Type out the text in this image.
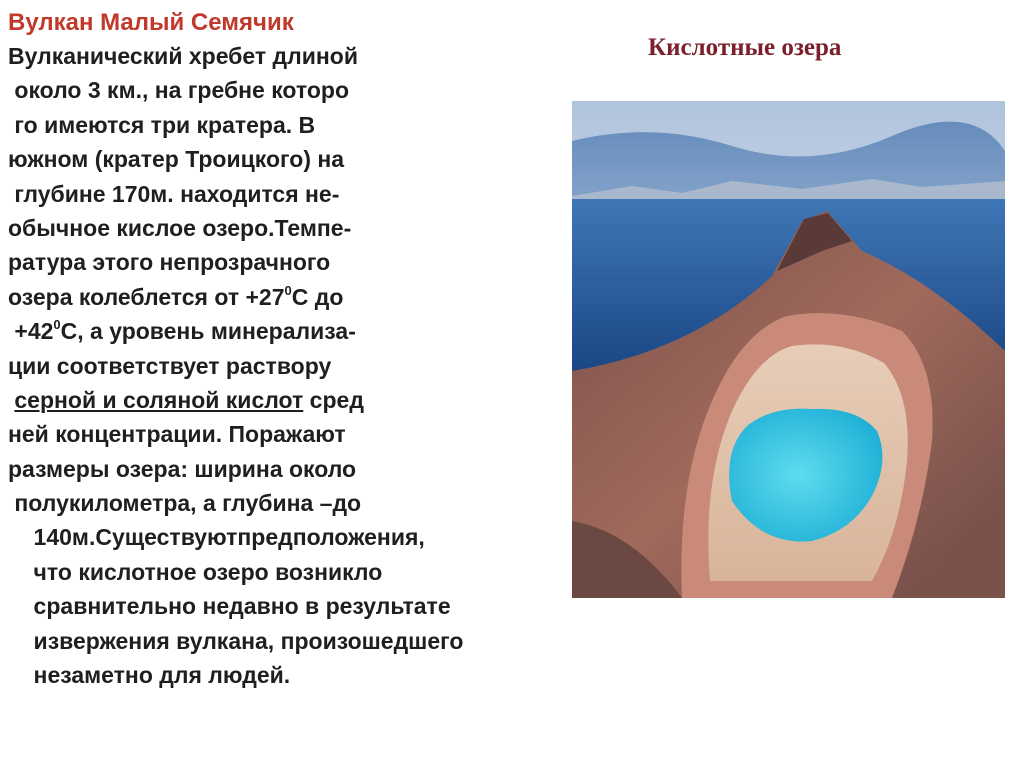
Вулкан Малый Семячик
Кислотные озера
Вулканический хребет длиной
около 3 км., на гребне которо
го имеются три кратера. В
южном (кратер Троицкого) на
глубине 170м. находится не-
обычное кислое озеро.Темпе-
ратура этого непрозрачного
озера колеблется от $+27^0С$ до
$+42^0С$, а уровень минерализа-
ции соответствует раствору
серной и соляной кислот сред
ней концентрации. Поражают
размеры озера: ширина около
полукилометра, а глубина –до
140м.Существуютпредположения,
что кислотное озеро возникло
сравнительно недавно в результате
извержения вулкана, произошедшего
незаметно для людей.
